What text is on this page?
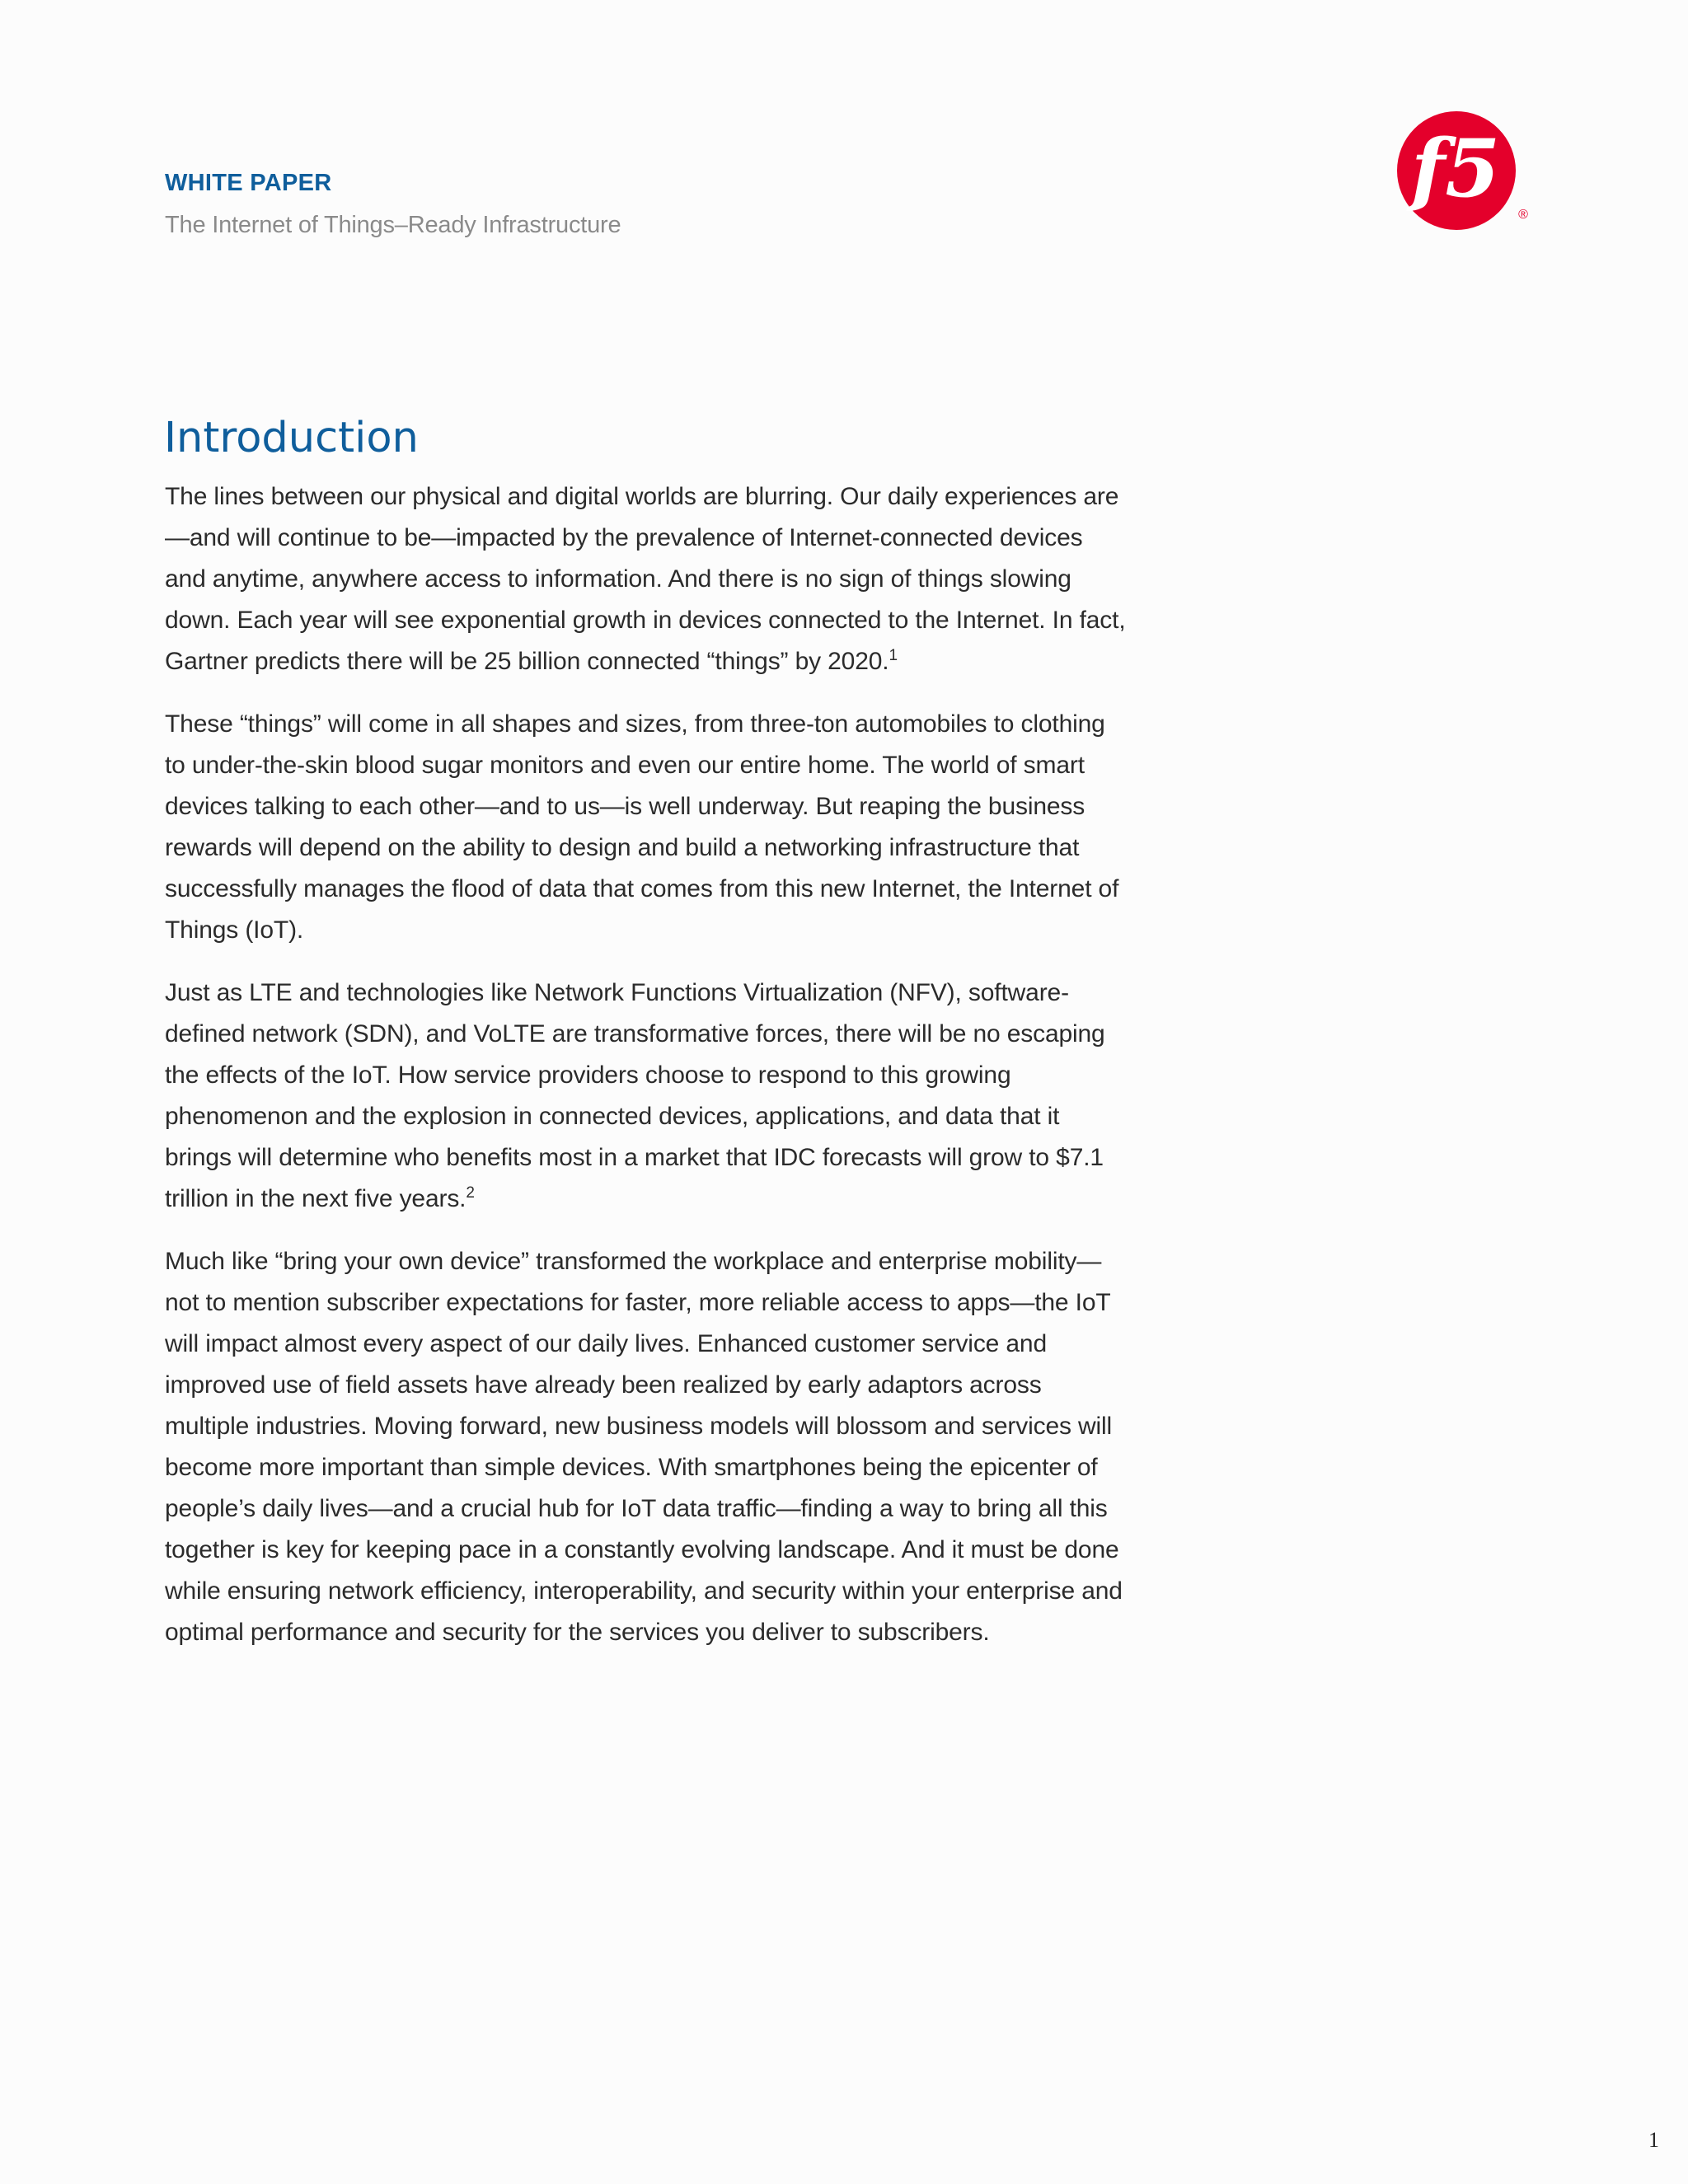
WHITE PAPER
The Internet of Things–Ready Infrastructure
f5 ®
Introduction

The lines between our physical and digital worlds are blurring. Our daily experiences are—and will continue to be—impacted by the prevalence of Internet-connected devices and anytime, anywhere access to information. And there is no sign of things slowing down. Each year will see exponential growth in devices connected to the Internet. In fact, Gartner predicts there will be 25 billion connected “things” by 2020.$^1$

These “things” will come in all shapes and sizes, from three-ton automobiles to clothing to under-the-skin blood sugar monitors and even our entire home. The world of smart devices talking to each other—and to us—is well underway. But reaping the business rewards will depend on the ability to design and build a networking infrastructure that successfully manages the flood of data that comes from this new Internet, the Internet of Things (IoT).

Just as LTE and technologies like Network Functions Virtualization (NFV), software-defined network (SDN), and VoLTE are transformative forces, there will be no escaping the effects of the IoT. How service providers choose to respond to this growing phenomenon and the explosion in connected devices, applications, and data that it brings will determine who benefits most in a market that IDC forecasts will grow to $7.1 trillion in the next five years.$^2$

Much like “bring your own device” transformed the workplace and enterprise mobility—not to mention subscriber expectations for faster, more reliable access to apps—the IoT will impact almost every aspect of our daily lives. Enhanced customer service and improved use of field assets have already been realized by early adaptors across multiple industries. Moving forward, new business models will blossom and services will become more important than simple devices. With smartphones being the epicenter of people’s daily lives—and a crucial hub for IoT data traffic—finding a way to bring all this together is key for keeping pace in a constantly evolving landscape. And it must be done while ensuring network efficiency, interoperability, and security within your enterprise and optimal performance and security for the services you deliver to subscribers.

1
